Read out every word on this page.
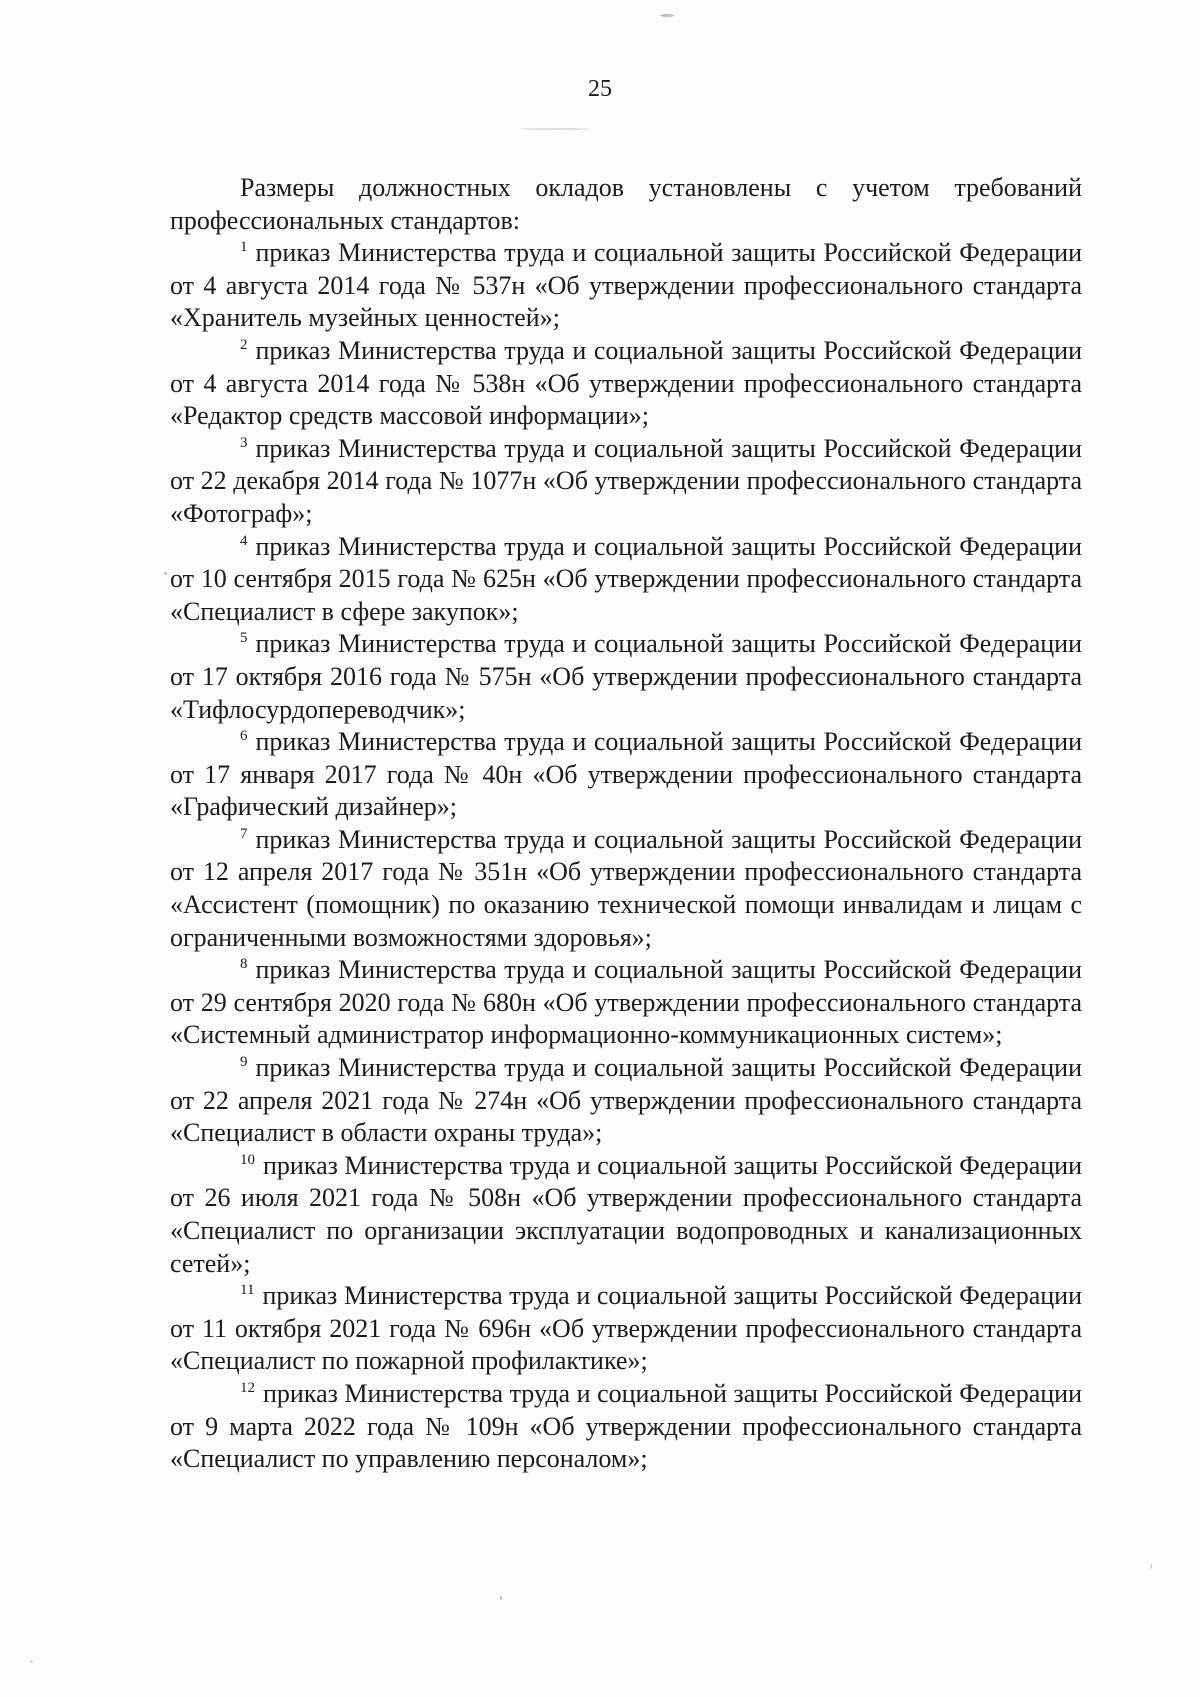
25

Размеры должностных окладов установлены с учетом требований профессиональных стандартов:

$^1$ приказ Министерства труда и социальной защиты Российской Федерации от 4 августа 2014 года № 537н «Об утверждении профессионального стандарта «Хранитель музейных ценностей»;

$^2$ приказ Министерства труда и социальной защиты Российской Федерации от 4 августа 2014 года № 538н «Об утверждении профессионального стандарта «Редактор средств массовой информации»;

$^3$ приказ Министерства труда и социальной защиты Российской Федерации от 22 декабря 2014 года № 1077н «Об утверждении профессионального стандарта «Фотограф»;

$^4$ приказ Министерства труда и социальной защиты Российской Федерации от 10 сентября 2015 года № 625н «Об утверждении профессионального стандарта «Специалист в сфере закупок»;

$^5$ приказ Министерства труда и социальной защиты Российской Федерации от 17 октября 2016 года № 575н «Об утверждении профессионального стандарта «Тифлосурдопереводчик»;

$^6$ приказ Министерства труда и социальной защиты Российской Федерации от 17 января 2017 года № 40н «Об утверждении профессионального стандарта «Графический дизайнер»;

$^7$ приказ Министерства труда и социальной защиты Российской Федерации от 12 апреля 2017 года № 351н «Об утверждении профессионального стандарта «Ассистент (помощник) по оказанию технической помощи инвалидам и лицам с ограниченными возможностями здоровья»;

$^8$ приказ Министерства труда и социальной защиты Российской Федерации от 29 сентября 2020 года № 680н «Об утверждении профессионального стандарта «Системный администратор информационно-коммуникационных систем»;

$^9$ приказ Министерства труда и социальной защиты Российской Федерации от 22 апреля 2021 года № 274н «Об утверждении профессионального стандарта «Специалист в области охраны труда»;

$^{10}$ приказ Министерства труда и социальной защиты Российской Федерации от 26 июля 2021 года № 508н «Об утверждении профессионального стандарта «Специалист по организации эксплуатации водопроводных и канализационных сетей»;

$^{11}$ приказ Министерства труда и социальной защиты Российской Федерации от 11 октября 2021 года № 696н «Об утверждении профессионального стандарта «Специалист по пожарной профилактике»;

$^{12}$ приказ Министерства труда и социальной защиты Российской Федерации от 9 марта 2022 года № 109н «Об утверждении профессионального стандарта «Специалист по управлению персоналом»;
